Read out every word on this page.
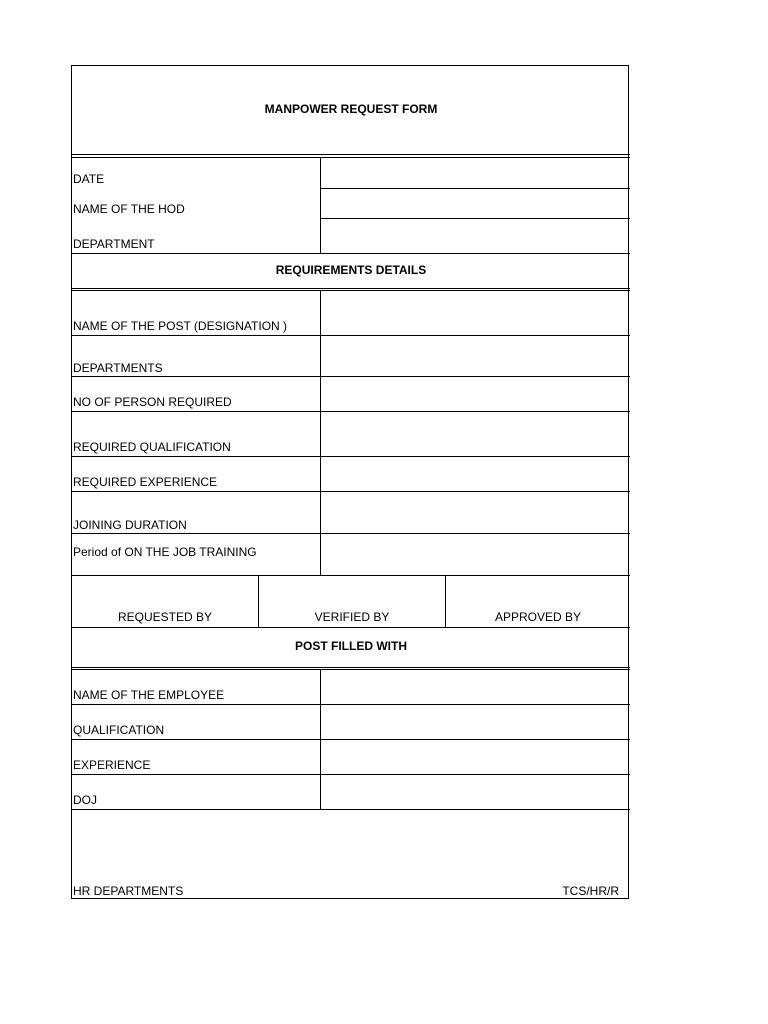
MANPOWER REQUEST FORM
DATE
NAME OF THE HOD
DEPARTMENT
REQUIREMENTS DETAILS
NAME OF THE POST (DESIGNATION )
DEPARTMENTS
NO OF PERSON REQUIRED
REQUIRED QUALIFICATION
REQUIRED EXPERIENCE
JOINING DURATION
Period of ON THE JOB TRAINING
REQUESTED BY	VERIFIED BY	APPROVED BY
POST FILLED WITH
NAME OF THE EMPLOYEE
QUALIFICATION
EXPERIENCE
DOJ
HR DEPARTMENTS	TCS/HR/R
